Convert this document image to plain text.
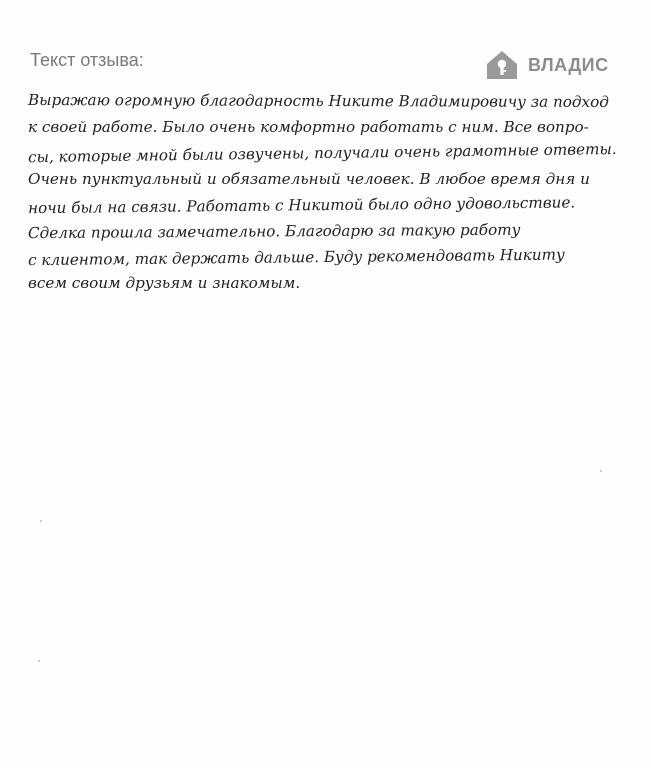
Текст отзыва:	ВЛАДИС
Выражаю огромную благодарность Никите Владимировичу за подход
к своей работе. Было очень комфортно работать с ним. Все вопро-
сы, которые мной были озвучены, получали очень грамотные ответы.
Очень пунктуальный и обязательный человек. В любое время дня и
ночи был на связи. Работать с Никитой было одно удовольствие.
Сделка прошла замечательно. Благодарю за такую работу
с клиентом, так держать дальше. Буду рекомендовать Никиту
всем своим друзьям и знакомым.
